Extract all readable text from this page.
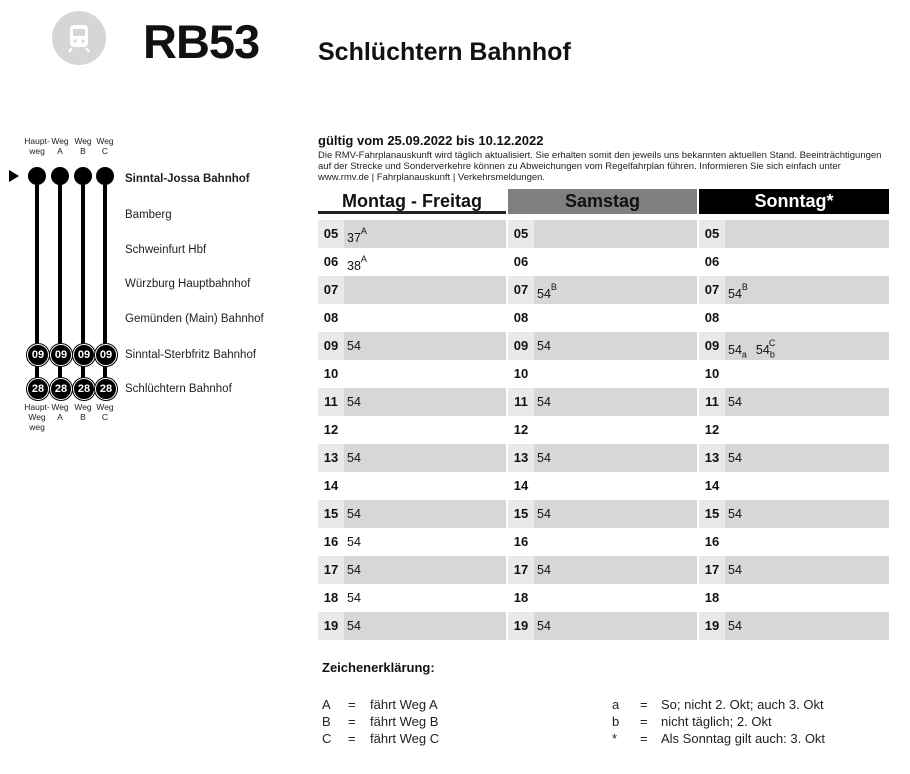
RB53 Schlüchtern Bahnhof
Haupt-
weg
Weg
A
Weg
B
Weg
C
Haupt-Weg
weg
Weg
A
Weg
B
Weg
C
09
28
09
28
09
28
09
28
Sinntal-Jossa Bahnhof
Bamberg
Schweinfurt Hbf
Würzburg Hauptbahnhof
Gemünden (Main) Bahnhof
Sinntal-Sterbfritz Bahnhof
Schlüchtern Bahnhof
gültig vom 25.09.2022 bis 10.12.2022
Die RMV-Fahrplanauskunft wird täglich aktualisiert. Sie erhalten somit den jeweils uns bekannten aktuellen Stand. Beeinträchtigungen auf der Strecke und Sonderverkehre können zu Abweichungen vom Regelfahrplan führen. Informieren Sie sich einfach unter www.rmv.de | Fahrplanauskunft | Verkehrsmeldungen.
Montag - Freitag	Samstag	Sonntag*
05 $37^A$	05	05
06 $38^A$	06	06
07	07 $54^B$	07 $54^B$
08	08	08
09 54	09 54	09 $54_a$ $54_b^C$
10	10	10
11 54	11 54	11 54
12	12	12
13 54	13 54	13 54
14	14	14
15 54	15 54	15 54
16 54	16	16
17 54	17 54	17 54
18 54	18	18
19 54	19 54	19 54
Zeichenerklärung:
A = fährt Weg A
B = fährt Weg B
C = fährt Weg C
a = So; nicht 2. Okt; auch 3. Okt
b = nicht täglich; 2. Okt
* = Als Sonntag gilt auch: 3. Okt
